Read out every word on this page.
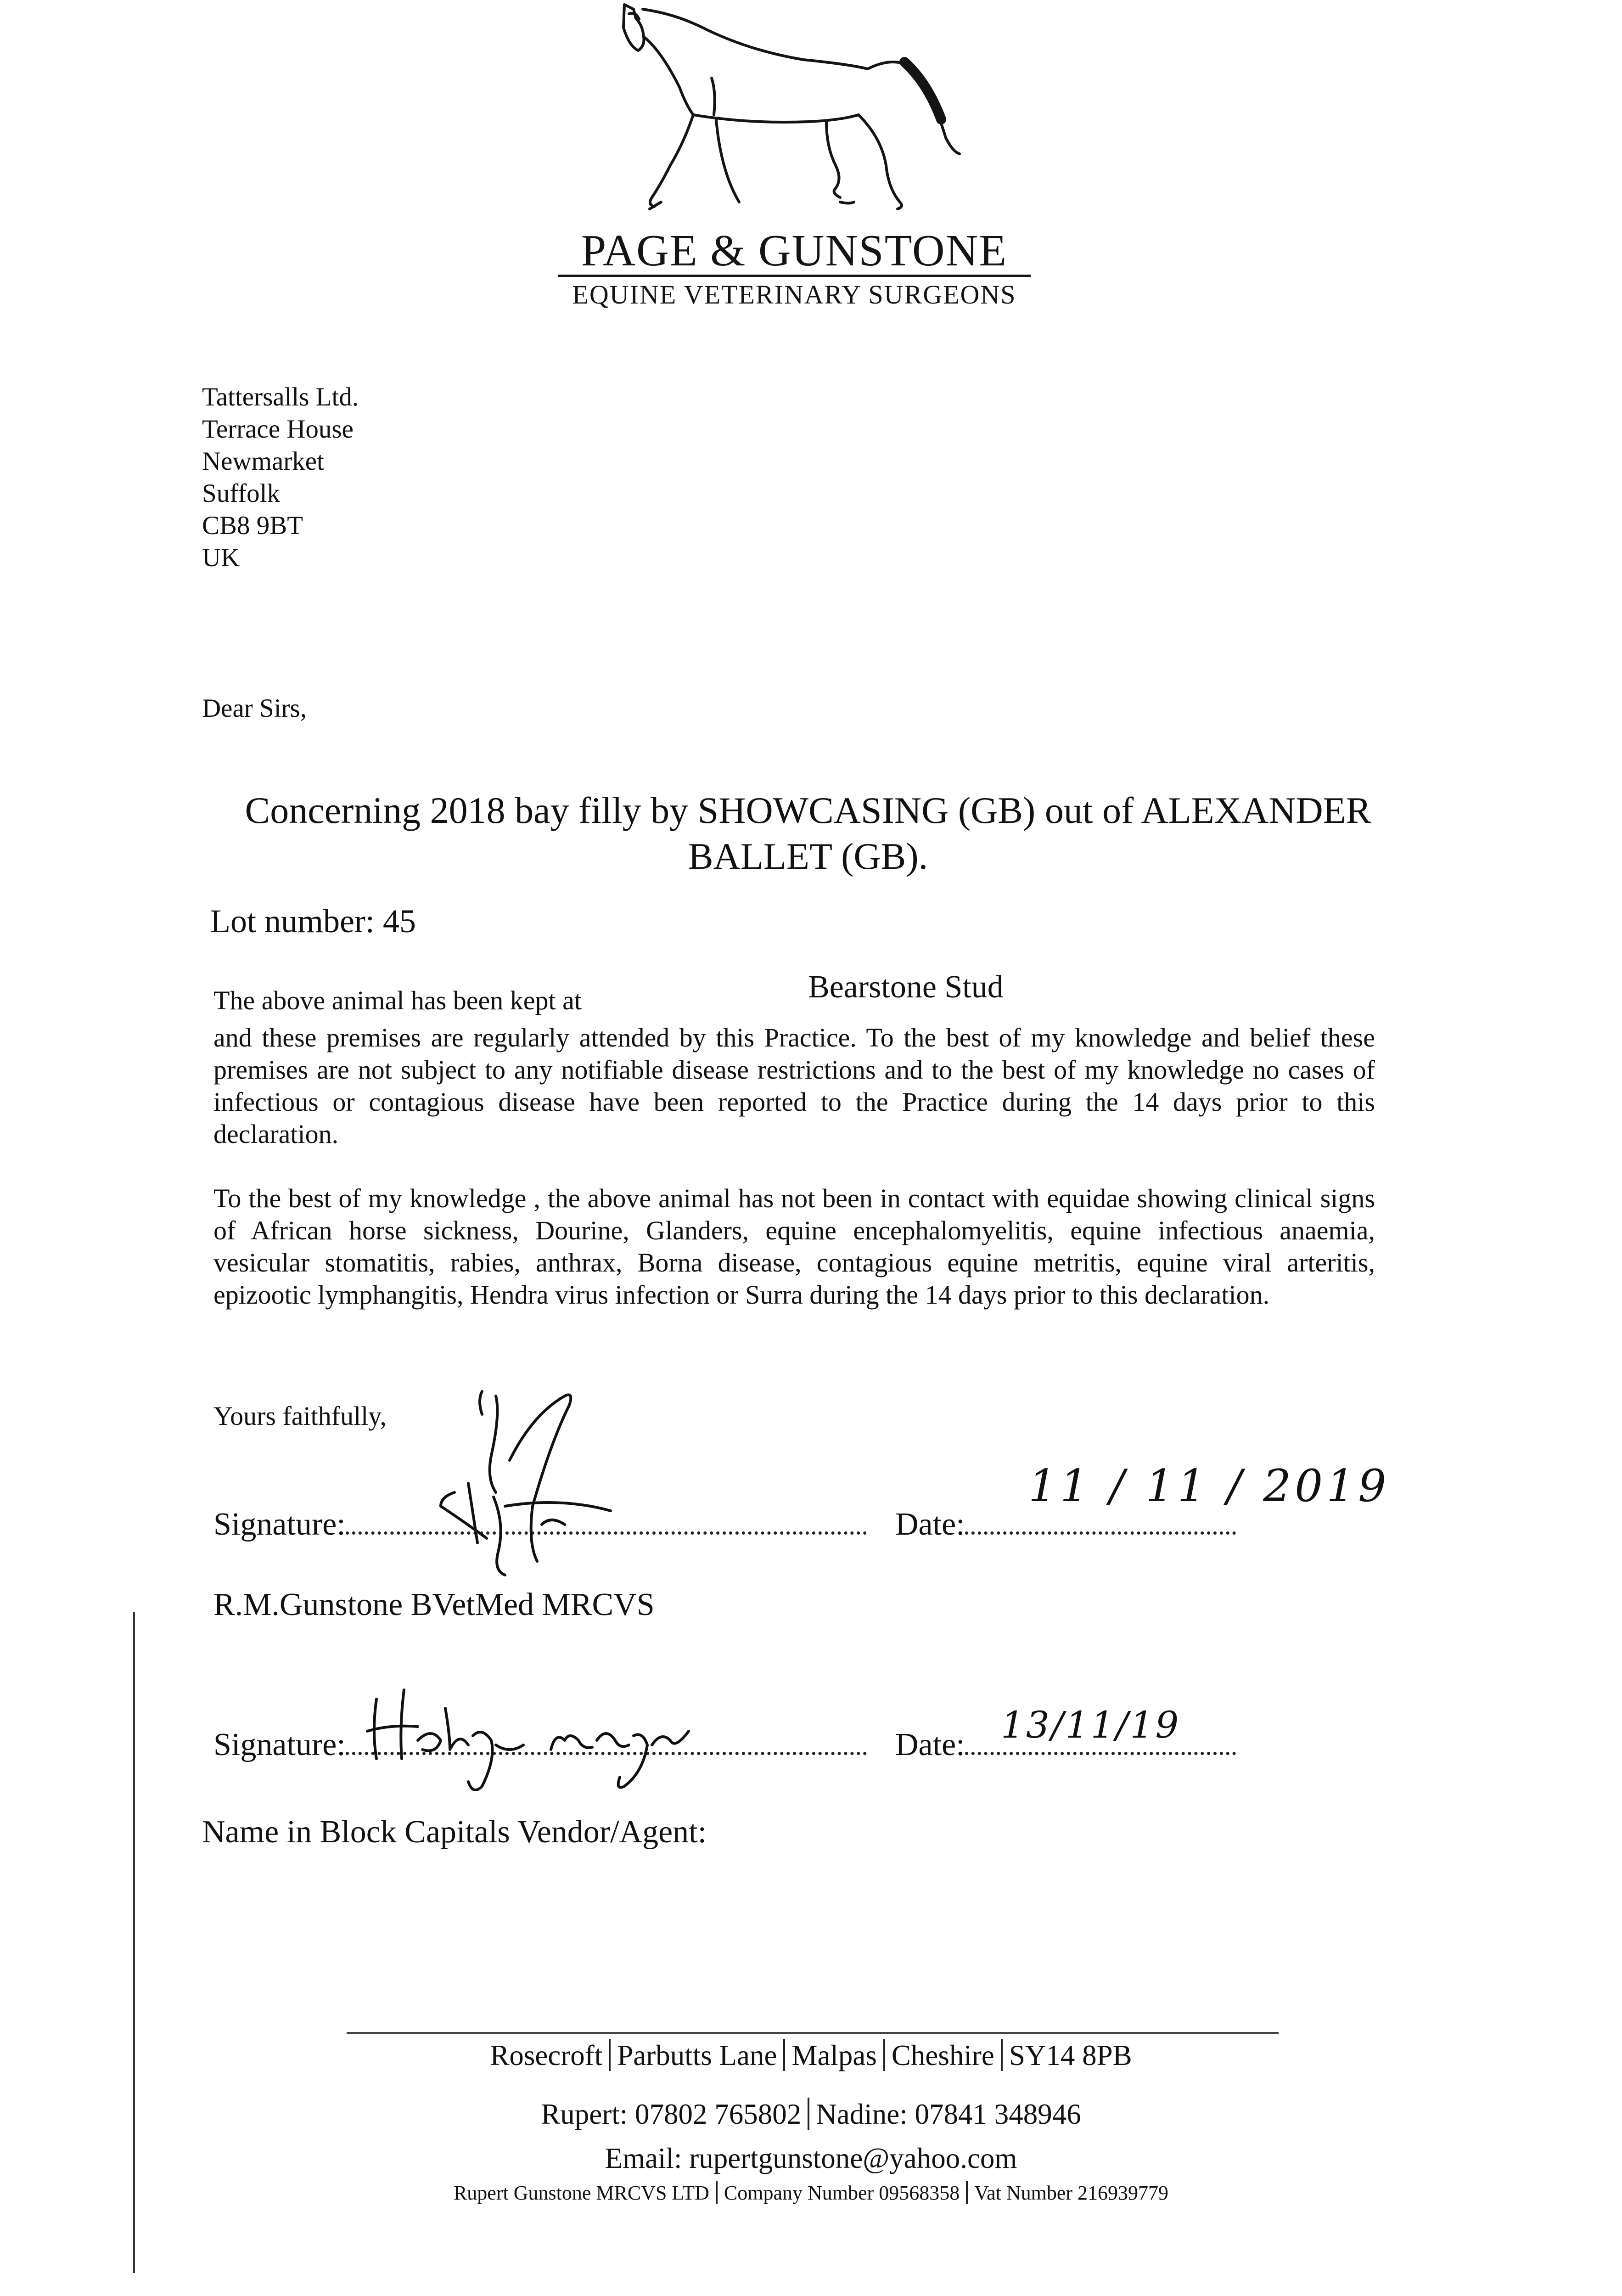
PAGE & GUNSTONE
EQUINE VETERINARY SURGEONS
Tattersalls Ltd.
Terrace House
Newmarket
Suffolk
CB8 9BT
UK
Dear Sirs,
Concerning 2018 bay filly by SHOWCASING (GB) out of ALEXANDER
BALLET (GB).
Lot number: 45
The above animal has been kept at	Bearstone Stud
and these premises are regularly attended by this Practice. To the best of my knowledge and belief these premises are not subject to any notifiable disease restrictions and to the best of my knowledge no cases of infectious or contagious disease have been reported to the Practice during the 14 days prior to this declaration.
To the best of my knowledge , the above animal has not been in contact with equidae showing clinical signs of African horse sickness, Dourine, Glanders, equine encephalomyelitis, equine infectious anaemia, vesicular stomatitis, rabies, anthrax, Borna disease, contagious equine metritis, equine viral arteritis, epizootic lymphangitis, Hendra virus infection or Surra during the 14 days prior to this declaration.
Yours faithfully,
Signature:	Date:
11 / 11 / 2019
R.M.Gunstone BVetMed MRCVS
Signature:	Date: 13/11/19
Name in Block Capitals Vendor/Agent:
Rosecroft Parbutts Lane Malpas Cheshire SY14 8PB
Rupert: 07802 765802 Nadine: 07841 348946
Email: rupertgunstone@yahoo.com
Rupert Gunstone MRCVS LTD Company Number 09568358 Vat Number 216939779
